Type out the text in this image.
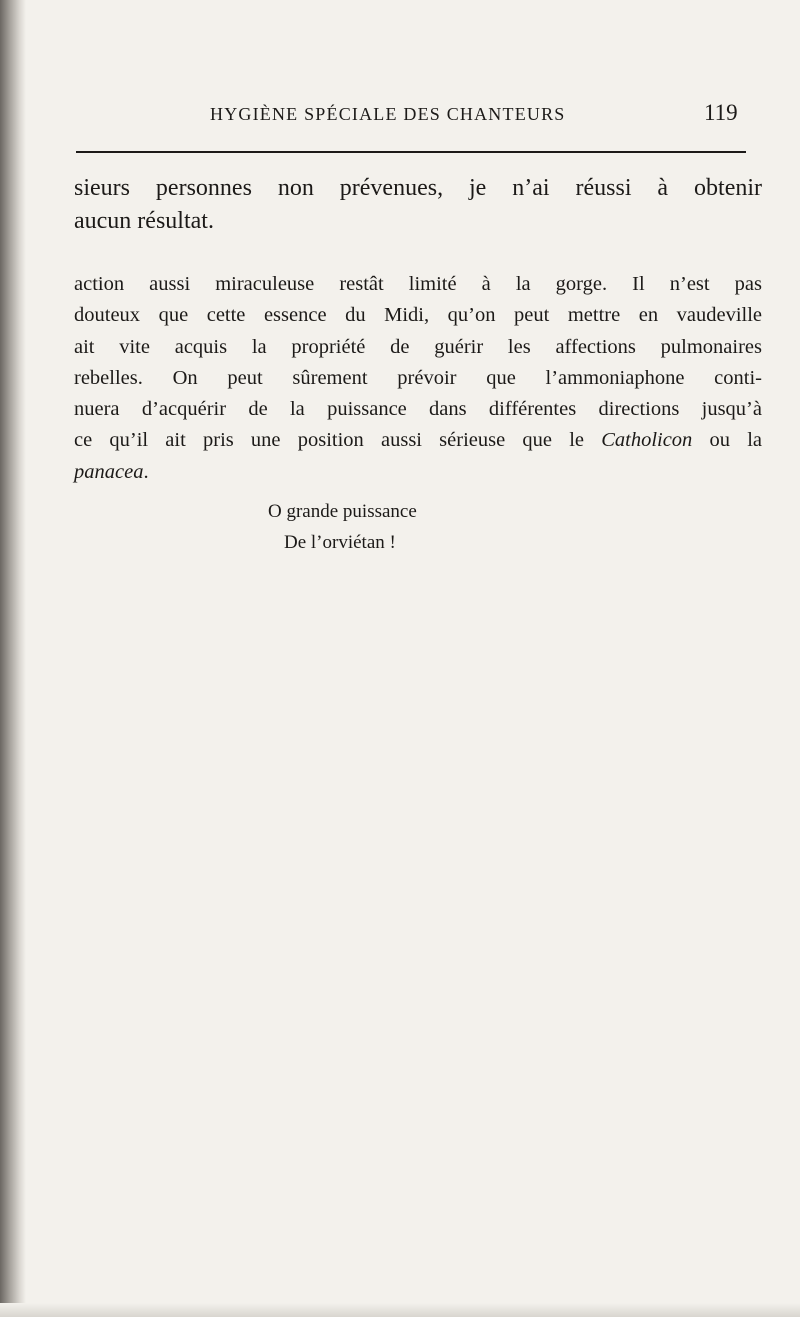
HYGIÈNE SPÉCIALE DES CHANTEURS	119
sieurs personnes non prévenues, je n’ai réussi à obtenir
aucun résultat.
action aussi miraculeuse restât limité à la gorge. Il n’est pas
douteux que cette essence du Midi, qu’on peut mettre en vaudeville
ait vite acquis la propriété de guérir les affections pulmonaires
rebelles. On peut sûrement prévoir que l’ammoniaphone conti-
nuera d’acquérir de la puissance dans différentes directions jusqu’à
ce qu’il ait pris une position aussi sérieuse que le Catholicon ou la
panacea.
O grande puissance
De l’orviétan !
